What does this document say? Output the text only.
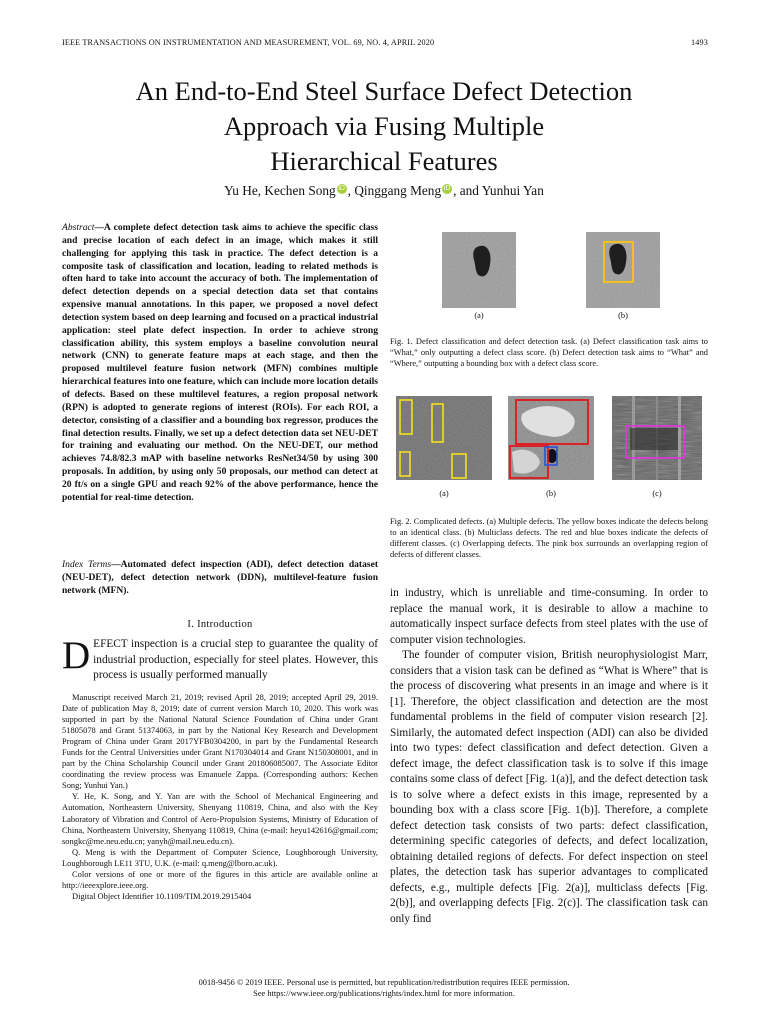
IEEE TRANSACTIONS ON INSTRUMENTATION AND MEASUREMENT, VOL. 69, NO. 4, APRIL 2020	1493
An End-to-End Steel Surface Defect Detection
Approach via Fusing Multiple
Hierarchical Features
Yu He, Kechen Song iD , Qinggang Meng iD , and Yunhui Yan
Abstract—A complete defect detection task aims to achieve the specific class and precise location of each defect in an image, which makes it still challenging for applying this task in practice. The defect detection is a composite task of classification and location, leading to related methods is often hard to take into account the accuracy of both. The implementation of defect detection depends on a special detection data set that contains expensive manual annotations. In this paper, we proposed a novel defect detection system based on deep learning and focused on a practical industrial application: steel plate defect inspection. In order to achieve strong classification ability, this system employs a baseline convolution neural network (CNN) to generate feature maps at each stage, and then the proposed multilevel feature fusion network (MFN) combines multiple hierarchical features into one feature, which can include more location details of defects. Based on these multilevel features, a region proposal network (RPN) is adopted to generate regions of interest (ROIs). For each ROI, a detector, consisting of a classifier and a bounding box regressor, produces the final detection results. Finally, we set up a defect detection data set NEU-DET for training and evaluating our method. On the NEU-DET, our method achieves 74.8/82.3 mAP with baseline networks ResNet34/50 by using 300 proposals. In addition, by using only 50 proposals, our method can detect at 20 ft/s on a single GPU and reach 92% of the above performance, hence the potential for real-time detection.
Index Terms—Automated defect inspection (ADI), defect detection dataset (NEU-DET), defect detection network (DDN), multilevel-feature fusion network (MFN).
I. Introduction
DEFECT inspection is a crucial step to guarantee the quality of industrial production, especially for steel plates. However, this process is usually performed manually

Manuscript received March 21, 2019; revised April 28, 2019; accepted April 29, 2019. Date of publication May 8, 2019; date of current version March 10, 2020. This work was supported in part by the National Natural Science Foundation of China under Grant 51805078 and Grant 51374063, in part by the National Key Research and Development Program of China under Grant 2017YFB0304200, in part by the Fundamental Research Funds for the Central Universities under Grant N170304014 and Grant N150308001, and in part by the China Scholarship Council under Grant 201806085007. The Associate Editor coordinating the review process was Emanuele Zappa. (Corresponding authors: Kechen Song; Yunhui Yan.)

Y. He, K. Song, and Y. Yan are with the School of Mechanical Engineering and Automation, Northeastern University, Shenyang 110819, China, and also with the Key Laboratory of Vibration and Control of Aero-Propulsion Systems, Ministry of Education of China, Northeastern University, Shenyang 110819, China (e-mail: heyu142616@gmail.com; songkc@me.neu.edu.cn; yanyh@mail.neu.edu.cn).

Q. Meng is with the Department of Computer Science, Loughborough University, Loughborough LE11 3TU, U.K. (e-mail: q.meng@lboro.ac.uk).

Color versions of one or more of the figures in this article are available online at http://ieeexplore.ieee.org.

Digital Object Identifier 10.1109/TIM.2019.2915404

(a)	(b)
Fig. 1. Defect classification and defect detection task. (a) Defect classification task aims to “What,” only outputting a defect class score. (b) Defect detection task aims to “What” and “Where,” outputting a bounding box with a defect class score.
(a)	(b)	(c)
Fig. 2. Complicated defects. (a) Multiple defects. The yellow boxes indicate the defects belong to an identical class. (b) Multiclass defects. The red and blue boxes indicate the defects of different classes. (c) Overlapping defects. The pink box surrounds an overlapping region of defects of different classes.

in industry, which is unreliable and time-consuming. In order to replace the manual work, it is desirable to allow a machine to automatically inspect surface defects from steel plates with the use of computer vision technologies.

The founder of computer vision, British neurophysiologist Marr, considers that a vision task can be defined as “What is Where” that is the process of discovering what presents in an image and where is it [1]. Therefore, the object classification and detection are the most fundamental problems in the field of computer vision research [2]. Similarly, the automated defect inspection (ADI) can also be divided into two types: defect classification and defect detection. Given a defect image, the defect classification task is to solve if this image contains some class of defect [Fig. 1(a)], and the defect detection task is to solve where a defect exists in this image, represented by a bounding box with a class score [Fig. 1(b)]. Therefore, a complete defect detection task consists of two parts: defect classification, determining specific categories of defects, and defect localization, obtaining detailed regions of defects. For defect inspection on steel plates, the detection task has superior advantages to complicated defects, e.g., multiple defects [Fig. 2(a)], multiclass defects [Fig. 2(b)], and overlapping defects [Fig. 2(c)]. The classification task can only find

0018-9456 © 2019 IEEE. Personal use is permitted, but republication/redistribution requires IEEE permission.
See https://www.ieee.org/publications/rights/index.html for more information.
